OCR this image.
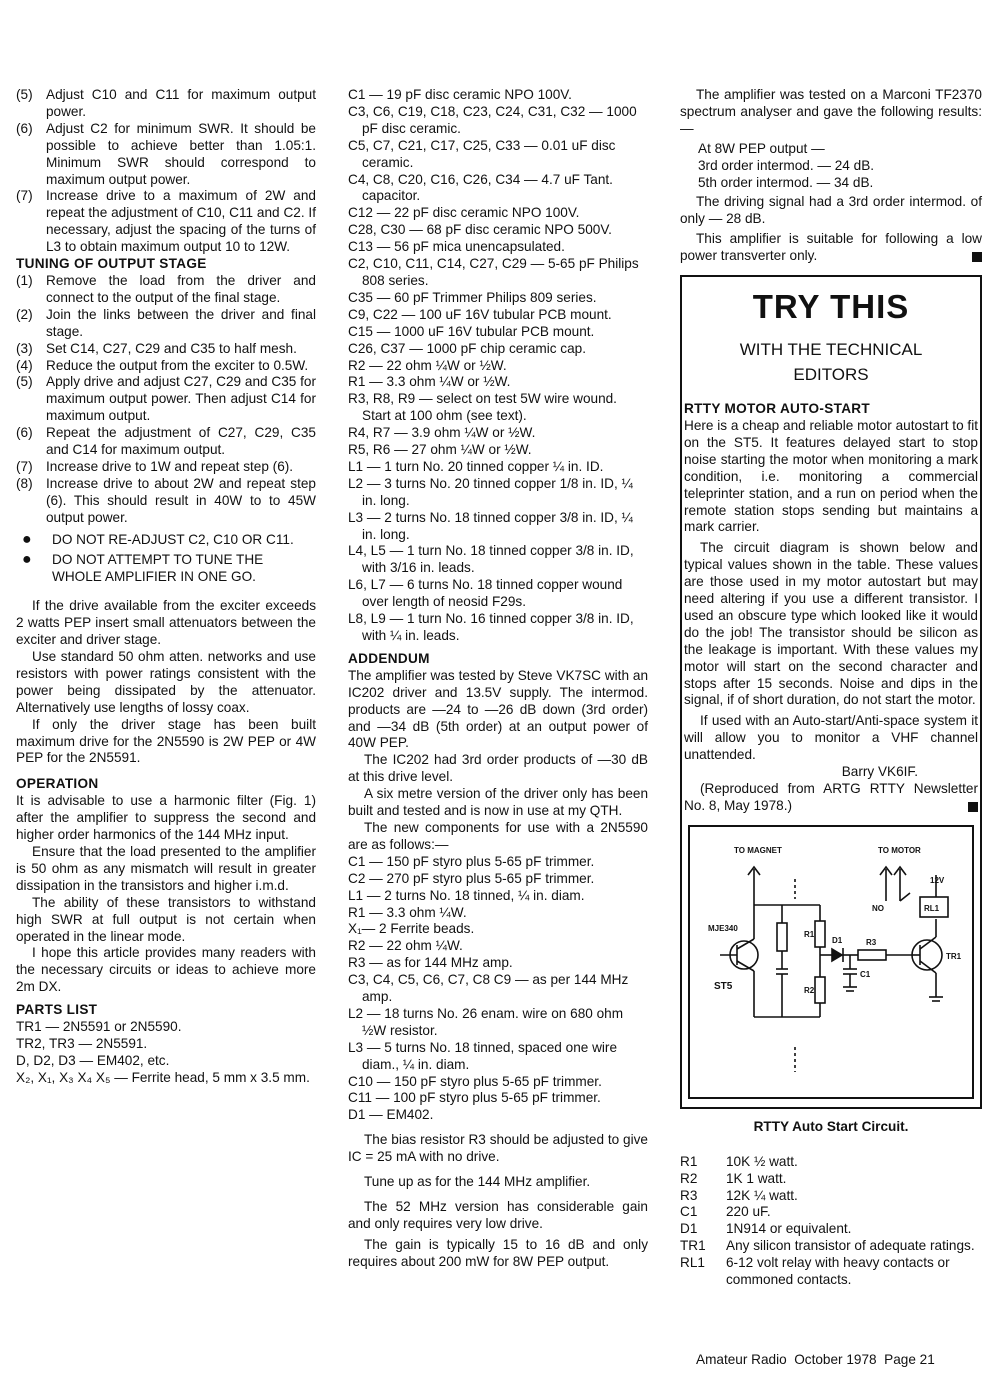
(5) Adjust C10 and C11 for maximum output power.
(6) Adjust C2 for minimum SWR. It should be possible to achieve better than 1.05:1. Minimum SWR should correspond to maximum output power.
(7) Increase drive to a maximum of 2W and repeat the adjustment of C10, C11 and C2. If necessary, adjust the spacing of the turns of L3 to obtain maximum output 10 to 12W.

TUNING OF OUTPUT STAGE

(1) Remove the load from the driver and connect to the output of the final stage.
(2) Join the links between the driver and final stage.
(3) Set C14, C27, C29 and C35 to half mesh.
(4) Reduce the output from the exciter to 0.5W.
(5) Apply drive and adjust C27, C29 and C35 for maximum output power. Then adjust C14 for maximum output.
(6) Repeat the adjustment of C27, C29, C35 and C14 for maximum output.
(7) Increase drive to 1W and repeat step (6).
(8) Increase drive to about 2W and repeat step (6). This should result in 40W to to 45W output power.
●	DO NOT RE-ADJUST C2, C10 OR C11.
●	DO NOT ATTEMPT TO TUNE THE WHOLE AMPLIFIER IN ONE GO.

If the drive available from the exciter exceeds 2 watts PEP insert small attenuators between the exciter and driver stage.

Use standard 50 ohm atten. networks and use resistors with power ratings consistent with the power being dissipated by the attenuator. Alternatively use lengths of lossy coax.

If only the driver stage has been built maximum drive for the 2N5590 is 2W PEP or 4W PEP for the 2N5591.

OPERATION

It is advisable to use a harmonic filter (Fig. 1) after the amplifier to suppress the second and higher order harmonics of the 144 MHz input.

Ensure that the load presented to the amplifier is 50 ohm as any mismatch will result in greater dissipation in the transistors and higher i.m.d.

The ability of these transistors to withstand high SWR at full output is not certain when operated in the linear mode.

I hope this article provides many readers with the necessary circuits or ideas to achieve more 2m DX.

PARTS LIST

TR1 — 2N5591 or 2N5590.

TR2, TR3 — 2N5591.

D, D2, D3 — EM402, etc.

X₂, X₁, X₃ X₄ X₅ — Ferrite head, 5 mm x 3.5 mm.

C1 — 19 pF disc ceramic NPO 100V.

C3, C6, C19, C18, C23, C24, C31, C32 — 1000 pF disc ceramic.

C5, C7, C21, C17, C25, C33 — 0.01 uF disc ceramic.

C4, C8, C20, C16, C26, C34 — 4.7 uF Tant. capacitor.

C12 — 22 pF disc ceramic NPO 100V.

C28, C30 — 68 pF disc ceramic NPO 500V.

C13 — 56 pF mica unencapsulated.

C2, C10, C11, C14, C27, C29 — 5-65 pF Philips 808 series.

C35 — 60 pF Trimmer Philips 809 series.

C9, C22 — 100 uF 16V tubular PCB mount.

C15 — 1000 uF 16V tubular PCB mount.

C26, C37 — 1000 pF chip ceramic cap.

R2 — 22 ohm ¼W or ½W.

R1 — 3.3 ohm ¼W or ½W.

R3, R8, R9 — select on test 5W wire wound. Start at 100 ohm (see text).

R4, R7 — 3.9 ohm ¼W or ½W.

R5, R6 — 27 ohm ¼W or ½W.

L1 — 1 turn No. 20 tinned copper ¼ in. ID.

L2 — 3 turns No. 20 tinned copper 1/8 in. ID, ¼ in. long.

L3 — 2 turns No. 18 tinned copper 3/8 in. ID, ¼ in. long.

L4, L5 — 1 turn No. 18 tinned copper 3/8 in. ID, with 3/16 in. leads.

L6, L7 — 6 turns No. 18 tinned copper wound over length of neosid F29s.

L8, L9 — 1 turn No. 16 tinned copper 3/8 in. ID, with ¼ in. leads.

ADDENDUM

The amplifier was tested by Steve VK7SC with an IC202 driver and 13.5V supply. The intermod. products are —24 to —26 dB down (3rd order) and —34 dB (5th order) at an output power of 40W PEP.

The IC202 had 3rd order products of —30 dB at this drive level.

A six metre version of the driver only has been built and tested and is now in use at my QTH.

The new components for use with a 2N5590 are as follows:—

C1 — 150 pF styro plus 5-65 pF trimmer.

C2 — 270 pF styro plus 5-65 pF trimmer.

L1 — 2 turns No. 18 tinned, ¼ in. diam.

R1 — 3.3 ohm ¼W.

X₁— 2 Ferrite beads.

R2 — 22 ohm ¼W.

R3 — as for 144 MHz amp.

C3, C4, C5, C6, C7, C8 C9 — as per 144 MHz amp.

L2 — 18 turns No. 26 enam. wire on 680 ohm ½W resistor.

L3 — 5 turns No. 18 tinned, spaced one wire diam., ¼ in. diam.

C10 — 150 pF styro plus 5-65 pF trimmer.

C11 — 100 pF styro plus 5-65 pF trimmer.

D1 — EM402.

The bias resistor R3 should be adjusted to give IC = 25 mA with no drive.

Tune up as for the 144 MHz amplifier.

The 52 MHz version has considerable gain and only requires very low drive.

The gain is typically 15 to 16 dB and only requires about 200 mW for 8W PEP output.

The amplifier was tested on a Marconi TF2370 spectrum analyser and gave the following results:—

At 8W PEP output —

3rd order intermod. — 24 dB.

5th order intermod. — 34 dB.

The driving signal had a 3rd order intermod. of only — 28 dB.

This amplifier is suitable for following a low power transverter only.

TRY THIS
WITH THE TECHNICAL
EDITORS

RTTY MOTOR AUTO-START

Here is a cheap and reliable motor autostart to fit on the ST5. It features delayed start to stop noise starting the motor when monitoring a mark condition, i.e. monitoring a commercial teleprinter station, and a run on period when the remote station stops sending but maintains a mark carrier.

The circuit diagram is shown below and typical values shown in the table. These values are those used in my motor autostart but may need altering if you use a different transistor. I used an obscure type which looked like it would do the job! The transistor should be silicon as the leakage is important. With these values my motor will start on the second character and stops after 15 seconds. Noise and dips in the signal, if of short duration, do not start the motor.

If used with an Auto-start/Anti-space system it will allow you to monitor a VHF channel unattended.

Barry VK6IF.

(Reproduced from ARTG RTTY Newsletter No. 8, May 1978.)

TO MAGNET	TO MOTOR
12V
NO	RL1
MJE340
ST5
R1
R2
D1	R3
C1
TR1

RTTY Auto Start Circuit.

R1	10K ½ watt.
R2	1K 1 watt.
R3	12K ¼ watt.
C1	220 uF.
D1	1N914 or equivalent.
TR1	Any silicon transistor of adequate ratings.
RL1	6-12 volt relay with heavy contacts or commoned contacts.
Amateur Radio  October 1978  Page 21
